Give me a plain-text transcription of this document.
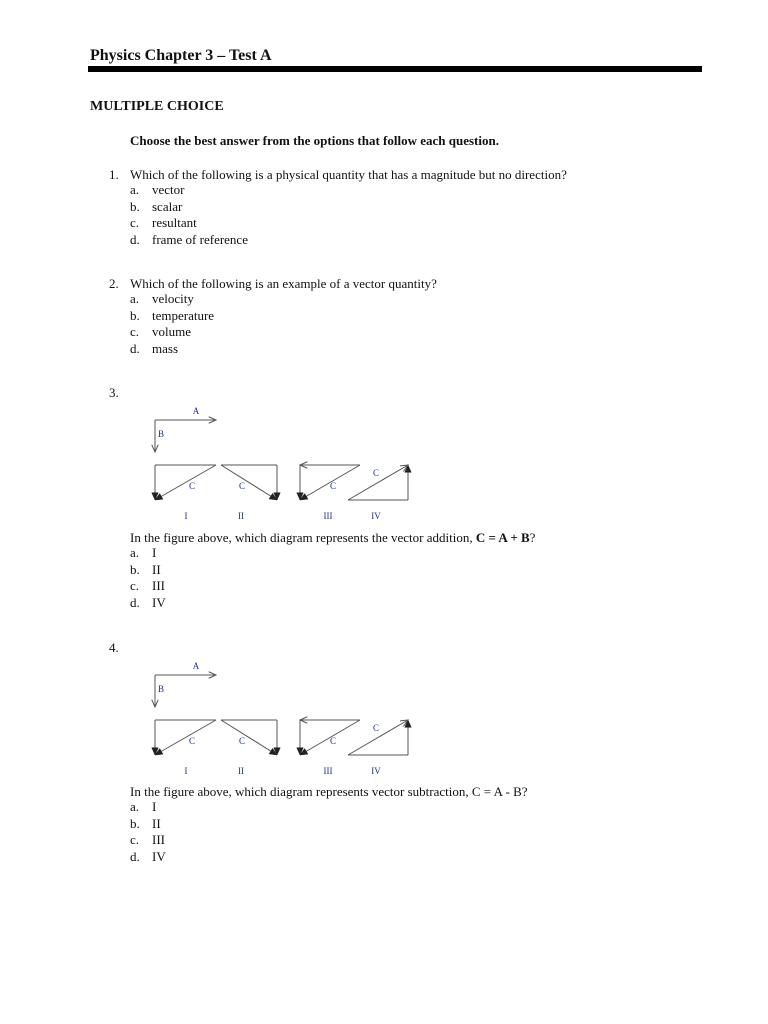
Physics Chapter 3 – Test A
MULTIPLE CHOICE
Choose the best answer from the options that follow each question.
1. Which of the following is a physical quantity that has a magnitude but no direction?
a. vector
b. scalar
c. resultant
d. frame of reference
2. Which of the following is an example of a vector quantity?
a. velocity
b. temperature
c. volume
d. mass
3.
A
B
C	C	C
C
I	II	III	IV
In the figure above, which diagram represents the vector addition, C = A + B?
a. I
b. II
c. III
d. IV
4.
A
B
C	C	C
C
I	II	III	IV
In the figure above, which diagram represents vector subtraction, C = A - B?
a. I
b. II
c. III
d. IV
